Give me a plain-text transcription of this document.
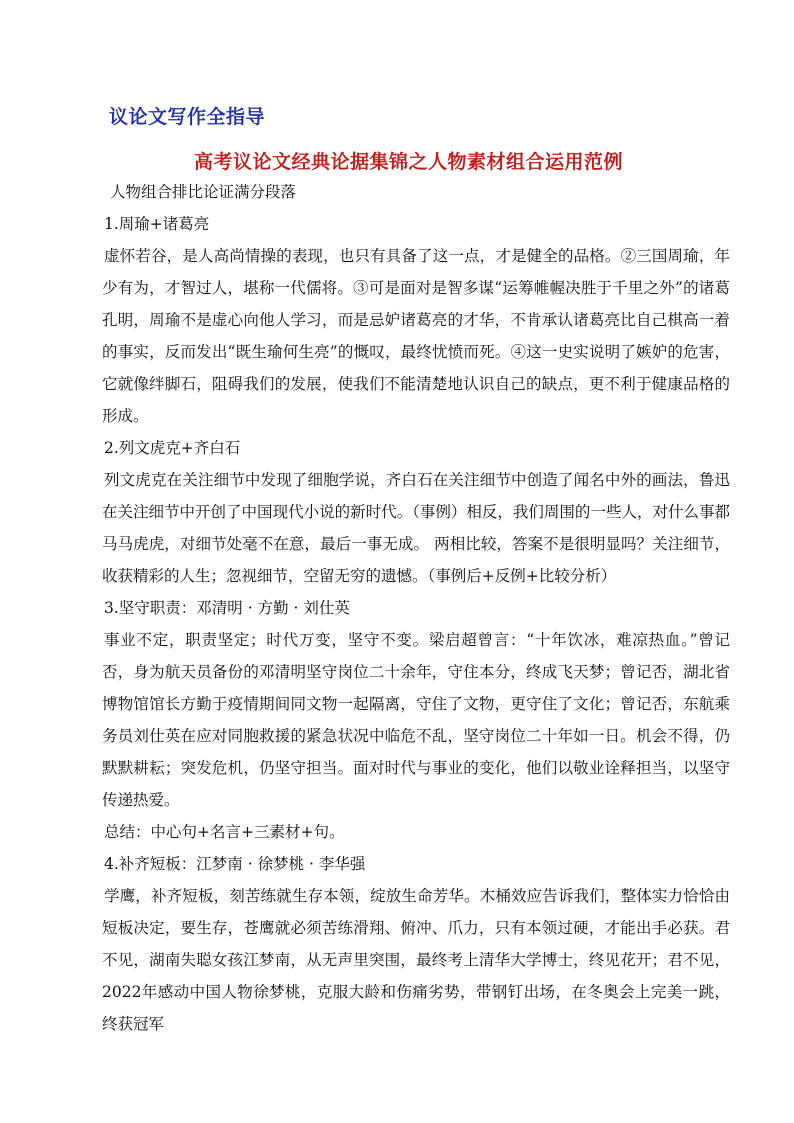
议论文写作全指导
高考议论文经典论据集锦之人物素材组合运用范例

人物组合排比论证满分段落

1.周瑜+诸葛亮

虚怀若谷，是人高尚情操的表现，也只有具备了这一点，才是健全的品格。②三国周瑜，年少有为，才智过人，堪称一代儒将。③可是面对是智多谋“运筹帷幄决胜于千里之外”的诸葛孔明，周瑜不是虚心向他人学习，而是忌妒诸葛亮的才华，不肯承认诸葛亮比自己棋高一着的事实，反而发出“既生瑜何生亮”的慨叹，最终忧愤而死。④这一史实说明了嫉妒的危害，它就像绊脚石，阻碍我们的发展，使我们不能清楚地认识自己的缺点，更不利于健康品格的形成。

2.列文虎克+齐白石

列文虎克在关注细节中发现了细胞学说，齐白石在关注细节中创造了闻名中外的画法，鲁迅在关注细节中开创了中国现代小说的新时代。（事例）相反，我们周围的一些人，对什么事都马马虎虎，对细节处毫不在意，最后一事无成。 两相比较，答案不是很明显吗？关注细节，收获精彩的人生；忽视细节，空留无穷的遗憾。（事例后+反例+比较分析）

3.坚守职责：邓清明 · 方勤 · 刘仕英

事业不定，职责坚定；时代万变，坚守不变。梁启超曾言：“十年饮冰，难凉热血。”曾记否，身为航天员备份的邓清明坚守岗位二十余年，守住本分，终成飞天梦；曾记否，湖北省博物馆馆长方勤于疫情期间同文物一起隔离，守住了文物，更守住了文化；曾记否，东航乘务员刘仕英在应对同胞救援的紧急状况中临危不乱，坚守岗位二十年如一日。机会不得，仍默默耕耘；突发危机，仍坚守担当。面对时代与事业的变化，他们以敬业诠释担当，以坚守传递热爱。

总结：中心句+名言+三素材+句。

4.补齐短板：江梦南 · 徐梦桃 · 李华强

学鹰，补齐短板，刻苦练就生存本领，绽放生命芳华。木桶效应告诉我们，整体实力恰恰由短板决定，要生存，苍鹰就必须苦练滑翔、俯冲、爪力，只有本领过硬，才能出手必获。君不见，湖南失聪女孩江梦南，从无声里突围，最终考上清华大学博士，终见花开；君不见，2022年感动中国人物徐梦桃，克服大龄和伤痛劣势，带钢钉出场，在冬奥会上完美一跳，终获冠军
